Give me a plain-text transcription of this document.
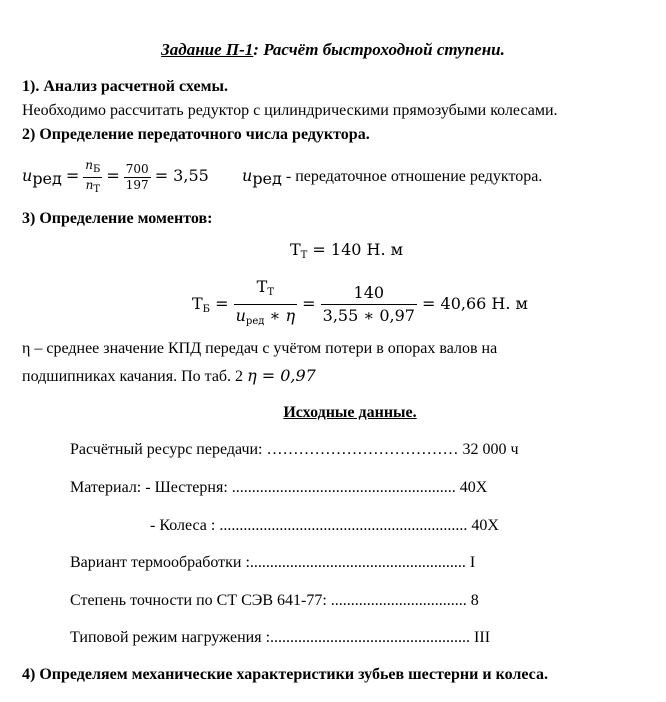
Задание П-1: Расчёт быстроходной ступени.
1). Анализ расчетной схемы.
Необходимо рассчитать редуктор с цилиндрическими прямозубыми колесами.
2) Определение передаточного числа редуктора.
$u_{ред} = \frac{n_Б}{n_Т} = \frac{700}{197} = 3,55$ $u_{ред}$ - передаточное отношение редуктора.
3) Определение моментов:
$T_Т = 140$ Н. м
$T_Б = \frac{T_Т}{u_{ред} ∗ \eta} = \frac{140}{3,55 ∗ 0,97} = 40,66$ Н. м
η – среднее значение КПД передач с учётом потери в опорах валов на
подшипниках качания. По таб. 2 η = 0,97
Исходные данные.
Расчётный ресурс передачи: ……………………………… 32 000 ч
Материал: - Шестерня: ........................................................ 40Х
- Колеса : .............................................................. 40Х
Вариант термообработки :...................................................... I
Степень точности по СТ СЭВ 641-77: .................................. 8
Типовой режим нагружения :.................................................. III
4) Определяем механические характеристики зубьев шестерни и колеса.
